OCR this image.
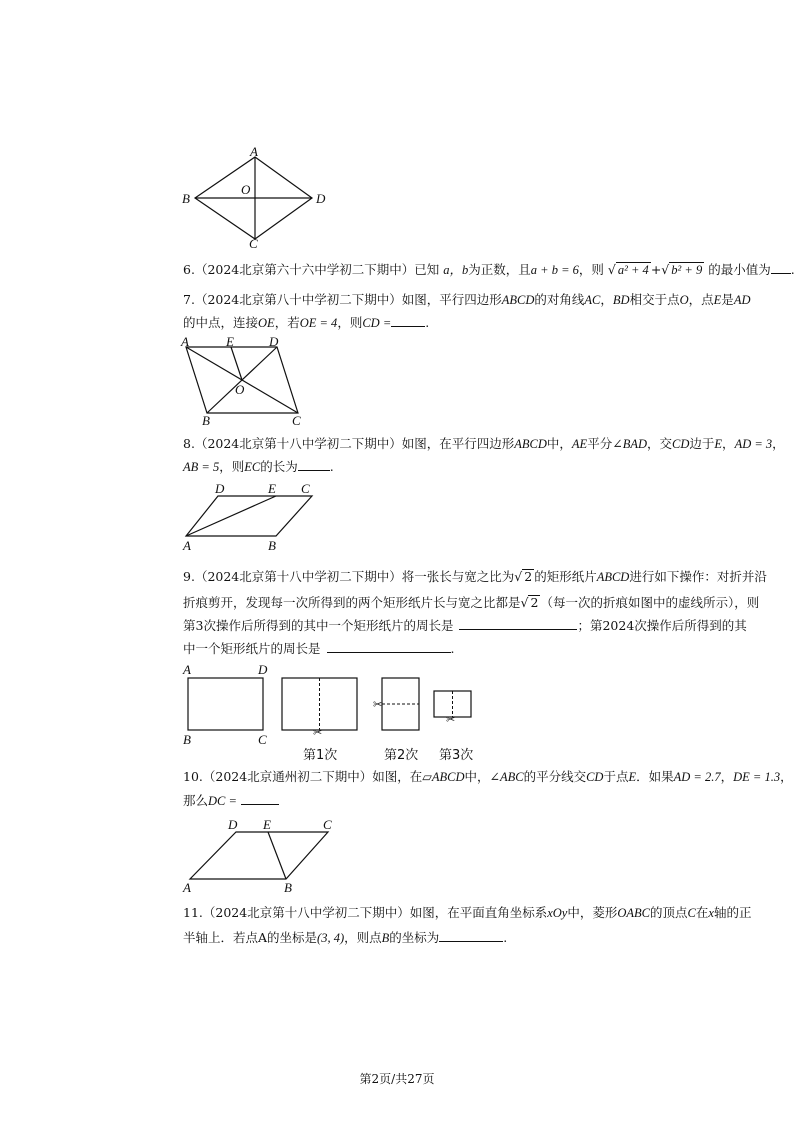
A
B
O
D
C
6.（2024北京第六十六中学初二下期中）已知 a，b为正数，且a + b = 6，则 √ a² + 4 +√ b² + 9 的最小值为 .
7.（2024北京第八十中学初二下期中）如图，平行四边形ABCD的对角线AC，BD相交于点O，点E是AD
的中点，连接OE，若OE = 4，则CD =	.
A	E	D
O
B	C
8.（2024北京第十八中学初二下期中）如图，在平行四边形ABCD中，AE平分∠BAD，交CD边于E，AD = 3，
AB = 5，则EC的长为	.
D	E C
A	B
9.（2024北京第十八中学初二下期中）将一张长与宽之比为√ 2 的矩形纸片ABCD进行如下操作：对折并沿
折痕剪开，发现每一次所得到的两个矩形纸片长与宽之比都是√ 2 （每一次的折痕如图中的虚线所示），则
第3次操作后所得到的其中一个矩形纸片的周长是	；第2024次操作后所得到的其
中一个矩形纸片的周长是	.
A	D
B	C	✂
✂
✂
第1次	第2次 第3次
10.（2024北京通州初二下期中）如图，在▱ABCD中，∠ABC的平分线交CD于点E．如果AD = 2.7，DE = 1.3，
那么DC =
D E	C
A	B
11.（2024北京第十八中学初二下期中）如图，在平面直角坐标系xOy中，菱形OABC的顶点C在x轴的正
半轴上．若点A的坐标是(3, 4)，则点B的坐标为	.
第2页/共27页
